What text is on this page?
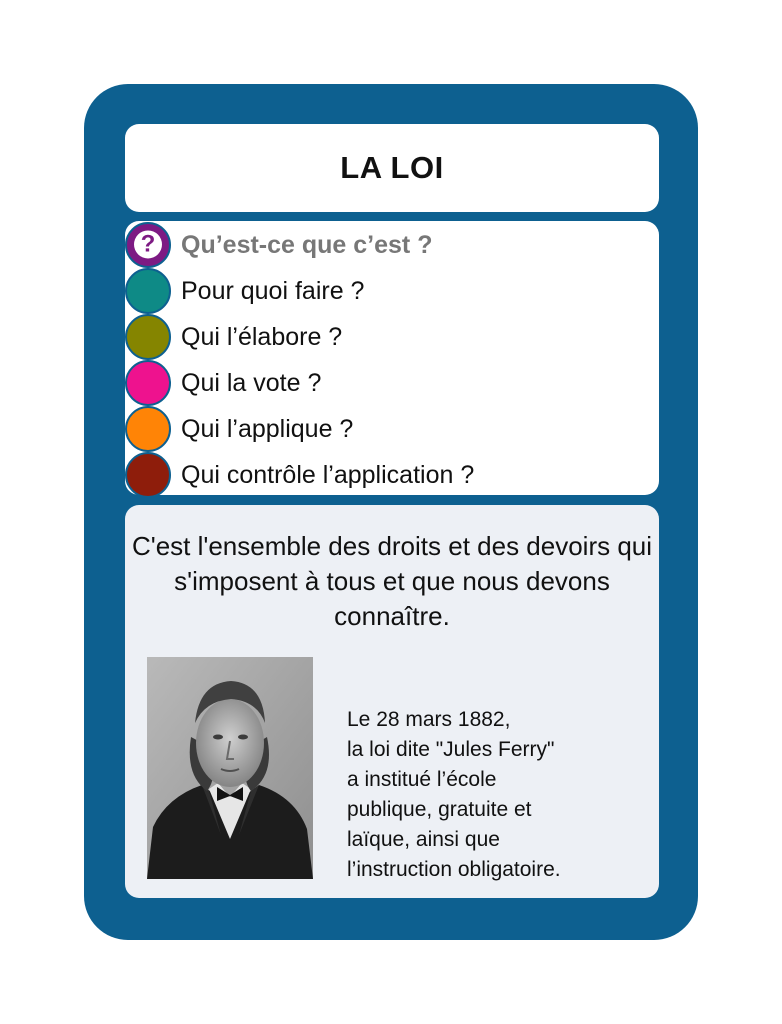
LA LOI
? Qu’est-ce que c’est ?
Pour quoi faire ?
Qui l’élabore ?
Qui la vote ?
Qui l’applique ?
Qui contrôle l’application ?
C'est l'ensemble des droits et des devoirs qui s'imposent à tous et que nous devons connaître.
Le 28 mars 1882,
la loi dite "Jules Ferry"
a institué l’école
publique, gratuite et
laïque, ainsi que
l’instruction obligatoire.
